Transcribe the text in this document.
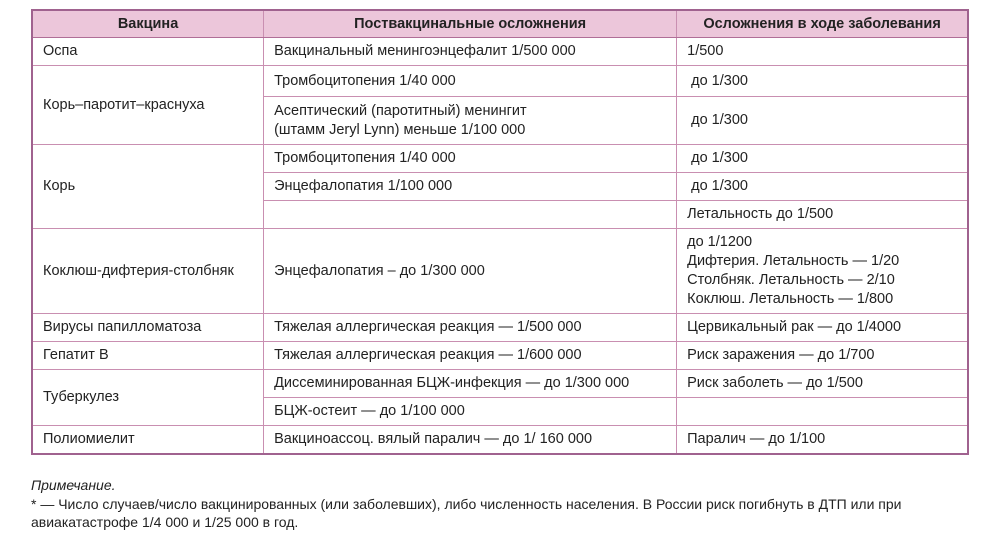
Вакцина	Поствакцинальные осложнения	Осложнения в ходе заболевания
Оспа	Вакцинальный менингоэнцефалит 1/500 000	1/500
Корь–паротит–краснуха	Тромбоцитопения 1/40 000	до 1/300

	Асептический (паротитный) менингит
(штамм Jeryl Lynn) меньше 1/100 000	до 1/300
Корь	Тромбоцитопения 1/40 000	до 1/300
	Энцефалопатия 1/100 000	до 1/300
		Летальность до 1/500
Коклюш-дифтерия-столбняк	Энцефалопатия – до 1/300 000	до 1/1200
Дифтерия. Летальность — 1/20
Столбняк. Летальность — 2/10
Коклюш. Летальность — 1/800

Вирусы папилломатоза	Тяжелая аллергическая реакция — 1/500 000	Цервикальный рак — до 1/4000
Гепатит B	Тяжелая аллергическая реакция — 1/600 000	Риск заражения — до 1/700
Туберкулез	Диссеминированная БЦЖ-инфекция — до 1/300 000	Риск заболеть — до 1/500
	БЦЖ-остеит — до 1/100 000	
Полиомиелит	Вакциноассоц. вялый паралич — до 1/ 160 000	Паралич — до 1/100
Примечание.
* — Число случаев/число вакцинированных (или заболевших), либо численность населения. В России риск погибнуть в ДТП или при
авиакатастрофе 1/4 000 и 1/25 000 в год.
